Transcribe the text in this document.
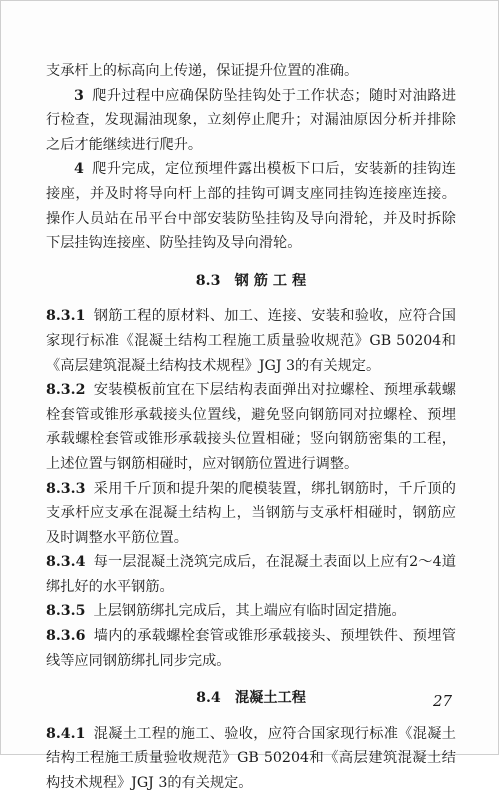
支承杆上的标高向上传递，保证提升位置的准确。

3 爬升过程中应确保防坠挂钩处于工作状态；随时对油路进行检查，发现漏油现象，立刻停止爬升；对漏油原因分析并排除之后才能继续进行爬升。

4 爬升完成，定位预埋件露出模板下口后，安装新的挂钩连接座，并及时将导向杆上部的挂钩可调支座同挂钩连接座连接。操作人员站在吊平台中部安装防坠挂钩及导向滑轮，并及时拆除下层挂钩连接座、防坠挂钩及导向滑轮。

8.3　钢 筋 工 程

8.3.1 钢筋工程的原材料、加工、连接、安装和验收，应符合国家现行标准《混凝土结构工程施工质量验收规范》GB 50204和《高层建筑混凝土结构技术规程》JGJ 3的有关规定。

8.3.2 安装模板前宜在下层结构表面弹出对拉螺栓、预埋承载螺栓套管或锥形承载接头位置线，避免竖向钢筋同对拉螺栓、预埋承载螺栓套管或锥形承载接头位置相碰；竖向钢筋密集的工程，上述位置与钢筋相碰时，应对钢筋位置进行调整。

8.3.3 采用千斤顶和提升架的爬模装置，绑扎钢筋时，千斤顶的支承杆应支承在混凝土结构上，当钢筋与支承杆相碰时，钢筋应及时调整水平筋位置。

8.3.4 每一层混凝土浇筑完成后，在混凝土表面以上应有2～4道绑扎好的水平钢筋。

8.3.5 上层钢筋绑扎完成后，其上端应有临时固定措施。

8.3.6 墙内的承载螺栓套管或锥形承载接头、预埋铁件、预埋管线等应同钢筋绑扎同步完成。

8.4　混凝土工程

8.4.1 混凝土工程的施工、验收，应符合国家现行标准《混凝土结构工程施工质量验收规范》GB 50204和《高层建筑混凝土结构技术规程》JGJ 3的有关规定。

27
